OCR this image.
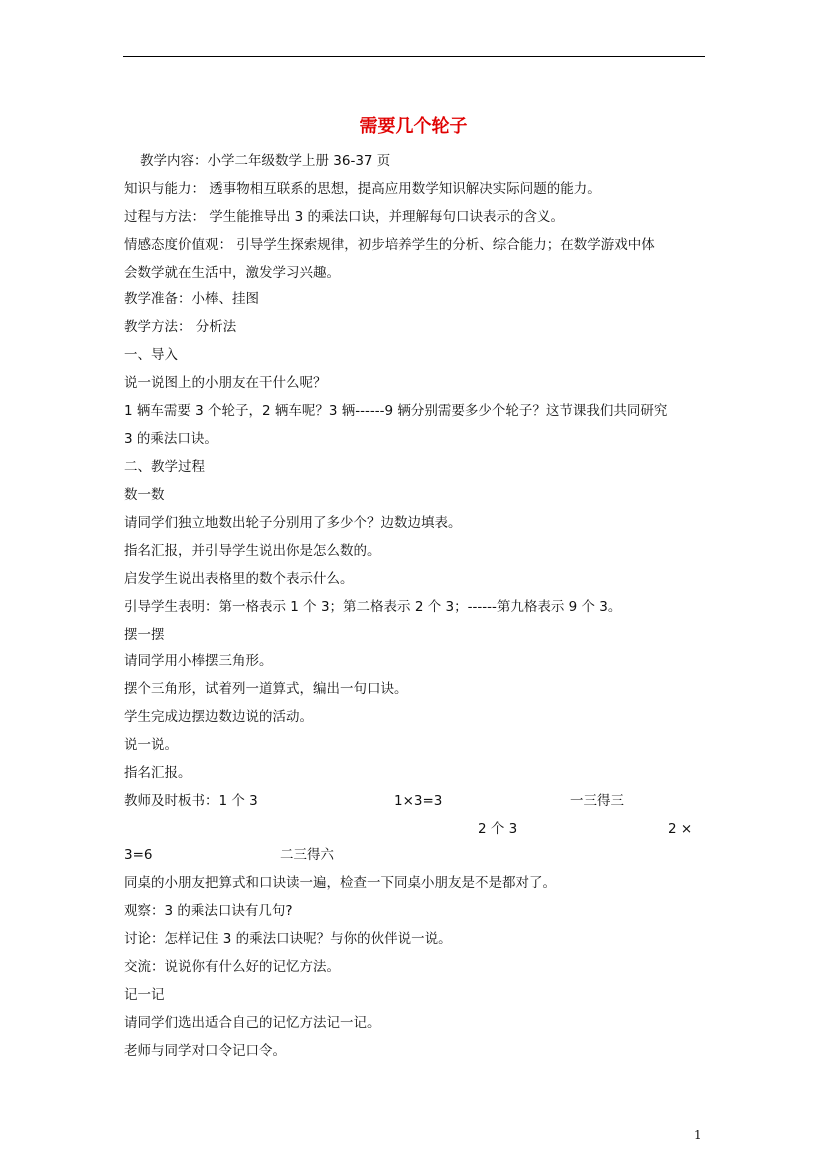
需要几个轮子
教学内容：小学二年级数学上册 36-37 页
知识与能力： 透事物相互联系的思想，提高应用数学知识解决实际问题的能力。
过程与方法： 学生能推导出 3 的乘法口诀，并理解每句口诀表示的含义。
情感态度价值观： 引导学生探索规律，初步培养学生的分析、综合能力；在数学游戏中体
会数学就在生活中，激发学习兴趣。
教学准备：小棒、挂图
教学方法： 分析法
一、导入
说一说图上的小朋友在干什么呢？
1 辆车需要 3 个轮子，2 辆车呢？3 辆------9 辆分别需要多少个轮子？这节课我们共同研究
3 的乘法口诀。
二、教学过程
数一数
请同学们独立地数出轮子分别用了多少个？边数边填表。
指名汇报，并引导学生说出你是怎么数的。
启发学生说出表格里的数个表示什么。
引导学生表明：第一格表示 1 个 3；第二格表示 2 个 3；------第九格表示 9 个 3。
摆一摆
请同学用小棒摆三角形。
摆个三角形，试着列一道算式，编出一句口诀。
学生完成边摆边数边说的活动。
说一说。
指名汇报。
教师及时板书：1 个 3	1×3=3	一三得三
2 个 3	2 ×
3=6	二三得六
同桌的小朋友把算式和口诀读一遍，检查一下同桌小朋友是不是都对了。
观察：3 的乘法口诀有几句?
讨论：怎样记住 3 的乘法口诀呢？与你的伙伴说一说。
交流：说说你有什么好的记忆方法。
记一记
请同学们选出适合自己的记忆方法记一记。
老师与同学对口令记口令。
1
